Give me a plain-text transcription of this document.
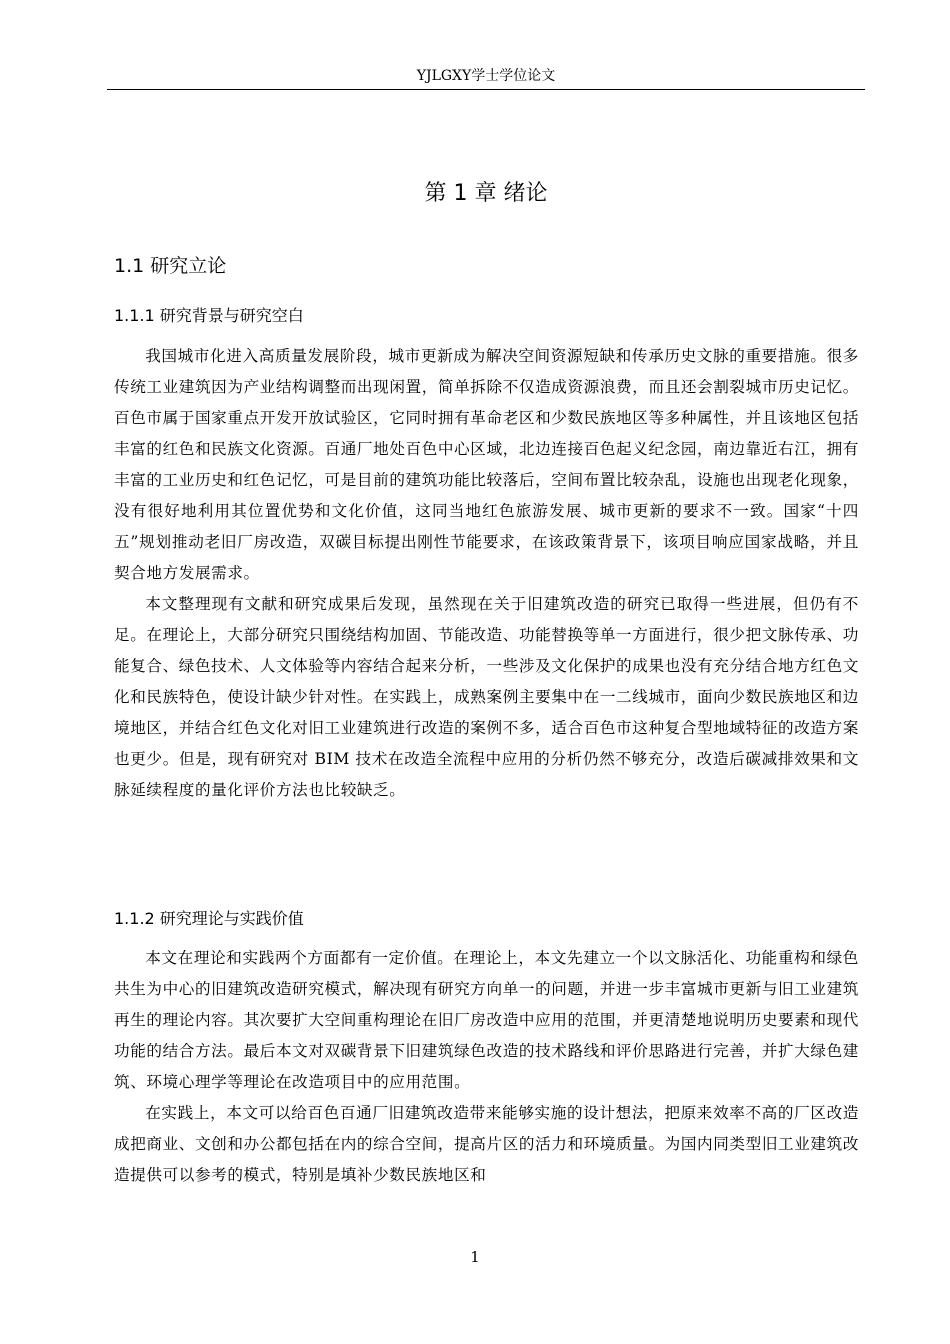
YJLGXY学士学位论文
第 1 章 绪论
1.1 研究立论
1.1.1 研究背景与研究空白

我国城市化进入高质量发展阶段，城市更新成为解决空间资源短缺和传承历史文脉的重要措施。很多传统工业建筑因为产业结构调整而出现闲置，简单拆除不仅造成资源浪费，而且还会割裂城市历史记忆。百色市属于国家重点开发开放试验区，它同时拥有革命老区和少数民族地区等多种属性，并且该地区包括丰富的红色和民族文化资源。百通厂地处百色中心区域，北边连接百色起义纪念园，南边靠近右江，拥有丰富的工业历史和红色记忆，可是目前的建筑功能比较落后，空间布置比较杂乱，设施也出现老化现象，没有很好地利用其位置优势和文化价值，这同当地红色旅游发展、城市更新的要求不一致。国家“十四五”规划推动老旧厂房改造，双碳目标提出刚性节能要求，在该政策背景下，该项目响应国家战略，并且契合地方发展需求。

本文整理现有文献和研究成果后发现，虽然现在关于旧建筑改造的研究已取得一些进展，但仍有不足。在理论上，大部分研究只围绕结构加固、节能改造、功能替换等单一方面进行，很少把文脉传承、功能复合、绿色技术、人文体验等内容结合起来分析，一些涉及文化保护的成果也没有充分结合地方红色文化和民族特色，使设计缺少针对性。在实践上，成熟案例主要集中在一二线城市，面向少数民族地区和边境地区，并结合红色文化对旧工业建筑进行改造的案例不多，适合百色市这种复合型地域特征的改造方案也更少。但是，现有研究对 BIM 技术在改造全流程中应用的分析仍然不够充分，改造后碳减排效果和文脉延续程度的量化评价方法也比较缺乏。

1.1.2 研究理论与实践价值

本文在理论和实践两个方面都有一定价值。在理论上，本文先建立一个以文脉活化、功能重构和绿色共生为中心的旧建筑改造研究模式，解决现有研究方向单一的问题，并进一步丰富城市更新与旧工业建筑再生的理论内容。其次要扩大空间重构理论在旧厂房改造中应用的范围，并更清楚地说明历史要素和现代功能的结合方法。最后本文对双碳背景下旧建筑绿色改造的技术路线和评价思路进行完善，并扩大绿色建筑、环境心理学等理论在改造项目中的应用范围。

在实践上，本文可以给百色百通厂旧建筑改造带来能够实施的设计想法，把原来效率不高的厂区改造成把商业、文创和办公都包括在内的综合空间，提高片区的活力和环境质量。为国内同类型旧工业建筑改造提供可以参考的模式，特别是填补少数民族地区和

1
